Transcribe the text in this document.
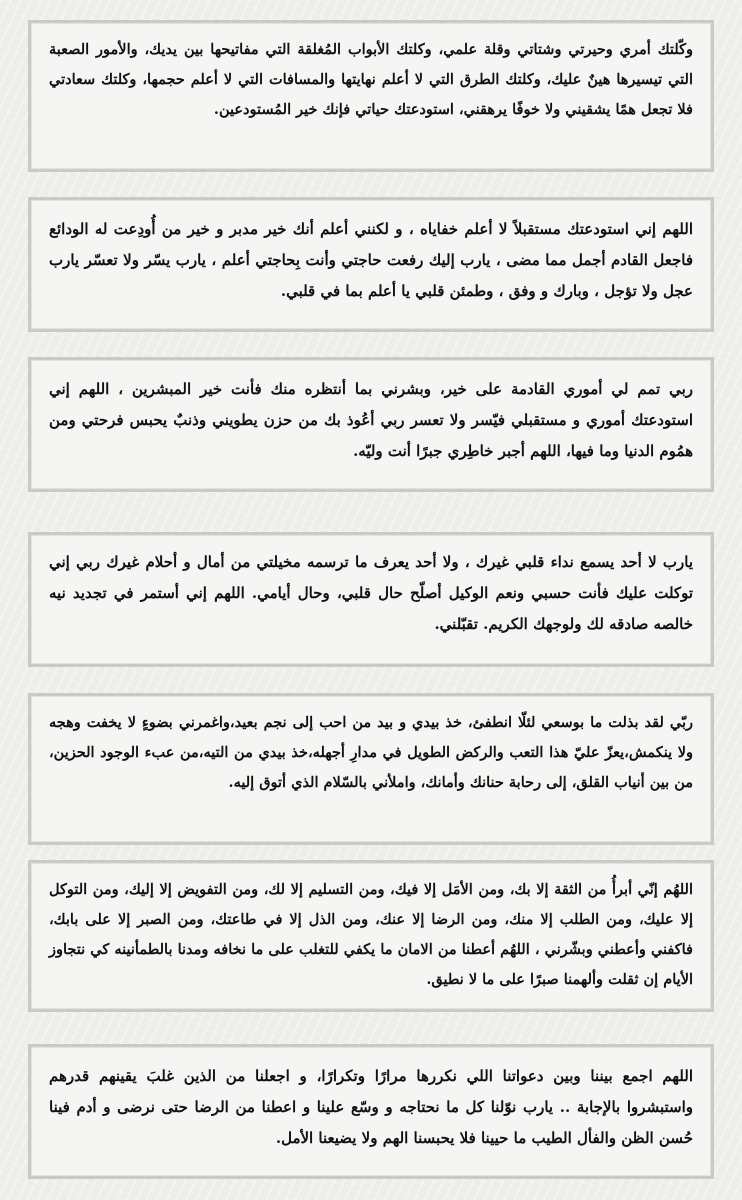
وكّلتك أمري وحيرتي وشتاتي وقلة علمي، وكلتك الأبواب المُغلقة التي مفاتيحها بين يديك، والأمور الصعبة التي تيسيرها هينٌ عليك، وكلتك الطرق التي لا أعلم نهايتها والمسافات التي لا أعلم حجمها، وكلتك سعادتي فلا تجعل همًا يشقيني ولا خوفًا يرهقني، استودعتك حياتي فإنك خير المُستودعين.

اللهم إني استودعتك مستقبلاً لا أعلم خفاياه ، و لكنني أعلم أنك خير مدبر و خير من أُودِعت له الودائع فاجعل القادم أجمل مما مضى ، يارب إليك رفعت حاجتي وأنت بِحاجتي أعلم ، يارب يسّر ولا تعسّر يارب عجل ولا تؤجل ، وبارك و وفق ، وطمئن قلبي يا أعلم بما في قلبي.

ربي تمم لي أموري القادمة على خير، وبشرني بما أنتظره منك فأنت خير المبشرين ، اللهم إني استودعتك أموري و مستقبلي فيّسر ولا تعسر ربي أعُوذ بك من حزن يطويني وذنبٌ يحبس فرحتي ومن همُوم الدنيا وما فيها، اللهم أجبر خاطِري جبرًا أنت وليّه.

يارب لا أحد يسمع نداء قلبي غيرك ، ولا أحد يعرف ما ترسمه مخيلتي من أمال و أحلام غيرك ربي إني توكلت عليك فأنت حسبي ونعم الوكيل أصلّح حال قلبي، وحال أيامي. اللهم إني أستمر في تجديد نيه خالصه صادقه لك ولوجهك الكريم. تقبّلني.

ربّي لقد بذلت ما بوسعي لئلّا انطفئ، خذ بيدي و بيد من احب إلى نجم بعيد،واغمرني بضوءٍ لا يخفت وهجه ولا ينكمش،يعزّ عليّ هذا التعب والركض الطويل في مدارِ أجهله،خذ بيدي من التيه،من عبء الوجود الحزين، من بين أنياب القلق، إلى رحابة حنانك وأمانك، واملأني بالسّلام الذي أتوق إليه.

اللهُم إنّي أبرأُ من الثقة إلا بك، ومن الأمَل إلا فيك، ومن التسليم إلا لك، ومن التفويض إلا إليك، ومن التوكل إلا عليك، ومن الطلب إلا منك، ومن الرضا إلا عنك، ومن الذل إلا في طاعتك، ومن الصبر إلا على بابك، فاكفني وأعطني وبشّرني ، اللهُم أعطنا من الامان ما يكفي للتغلب على ما نخافه ومدنا بالطمأنينه كي نتجاوز الأيام إن ثقلت وألهمنا صبرًا على ما لا نطيق.

اللهم اجمع بيننا وبين دعواتنا اللي نكررها مرارًا وتكرارًا، و اجعلنا من الذين غلبَ يقينهم قدرهم واستبشروا بالإجابة .. يارب نوّلنا كل ما نحتاجه و وسّع علينا و اعطنا من الرضا حتى نرضى و أدم فينا حُسن الظن والفأل الطيب ما حيينا فلا يحبسنا الهم ولا يضيعنا الأمل.
